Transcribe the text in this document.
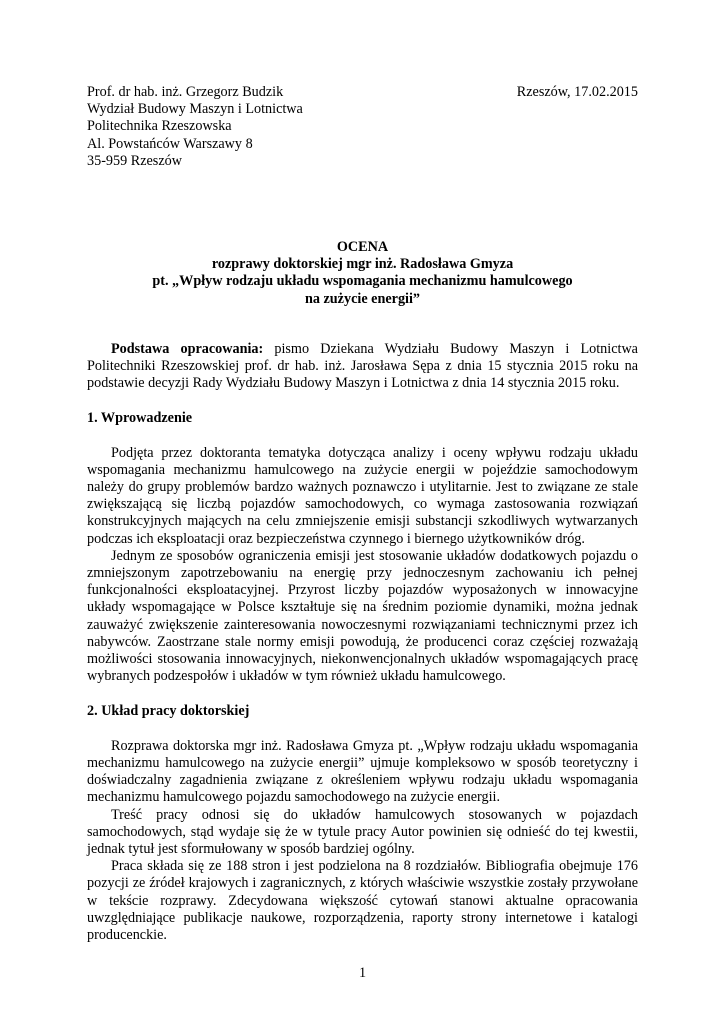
Prof. dr hab. inż. Grzegorz Budzik
Wydział Budowy Maszyn i Lotnictwa
Politechnika Rzeszowska
Al. Powstańców Warszawy 8
35-959 Rzeszów
Rzeszów, 17.02.2015
OCENA
rozprawy doktorskiej mgr inż. Radosława Gmyza
pt. „Wpływ rodzaju układu wspomagania mechanizmu hamulcowego
na zużycie energii”

Podstawa opracowania: pismo Dziekana Wydziału Budowy Maszyn i Lotnictwa Politechniki Rzeszowskiej prof. dr hab. inż. Jarosława Sępa z dnia 15 stycznia 2015 roku na podstawie decyzji Rady Wydziału Budowy Maszyn i Lotnictwa z dnia 14 stycznia 2015 roku.

1. Wprowadzenie

Podjęta przez doktoranta tematyka dotycząca analizy i oceny wpływu rodzaju układu wspomagania mechanizmu hamulcowego na zużycie energii w pojeździe samochodowym należy do grupy problemów bardzo ważnych poznawczo i utylitarnie. Jest to związane ze stale zwiększającą się liczbą pojazdów samochodowych, co wymaga zastosowania rozwiązań konstrukcyjnych mających na celu zmniejszenie emisji substancji szkodliwych wytwarzanych podczas ich eksploatacji oraz bezpieczeństwa czynnego i biernego użytkowników dróg.

Jednym ze sposobów ograniczenia emisji jest stosowanie układów dodatkowych pojazdu o zmniejszonym zapotrzebowaniu na energię przy jednoczesnym zachowaniu ich pełnej funkcjonalności eksploatacyjnej. Przyrost liczby pojazdów wyposażonych w innowacyjne układy wspomagające w Polsce kształtuje się na średnim poziomie dynamiki, można jednak zauważyć zwiększenie zainteresowania nowoczesnymi rozwiązaniami technicznymi przez ich nabywców. Zaostrzane stale normy emisji powodują, że producenci coraz częściej rozważają możliwości stosowania innowacyjnych, niekonwencjonalnych układów wspomagających pracę wybranych podzespołów i układów w tym również układu hamulcowego.

2. Układ pracy doktorskiej

Rozprawa doktorska mgr inż. Radosława Gmyza pt. „Wpływ rodzaju układu wspomagania mechanizmu hamulcowego na zużycie energii” ujmuje kompleksowo w sposób teoretyczny i doświadczalny zagadnienia związane z określeniem wpływu rodzaju układu wspomagania mechanizmu hamulcowego pojazdu samochodowego na zużycie energii.

Treść pracy odnosi się do układów hamulcowych stosowanych w pojazdach samochodowych, stąd wydaje się że w tytule pracy Autor powinien się odnieść do tej kwestii, jednak tytuł jest sformułowany w sposób bardziej ogólny.

Praca składa się ze 188 stron i jest podzielona na 8 rozdziałów. Bibliografia obejmuje 176 pozycji ze źródeł krajowych i zagranicznych, z których właściwie wszystkie zostały przywołane w tekście rozprawy. Zdecydowana większość cytowań stanowi aktualne opracowania uwzględniające publikacje naukowe, rozporządzenia, raporty strony internetowe i katalogi producenckie.

1
